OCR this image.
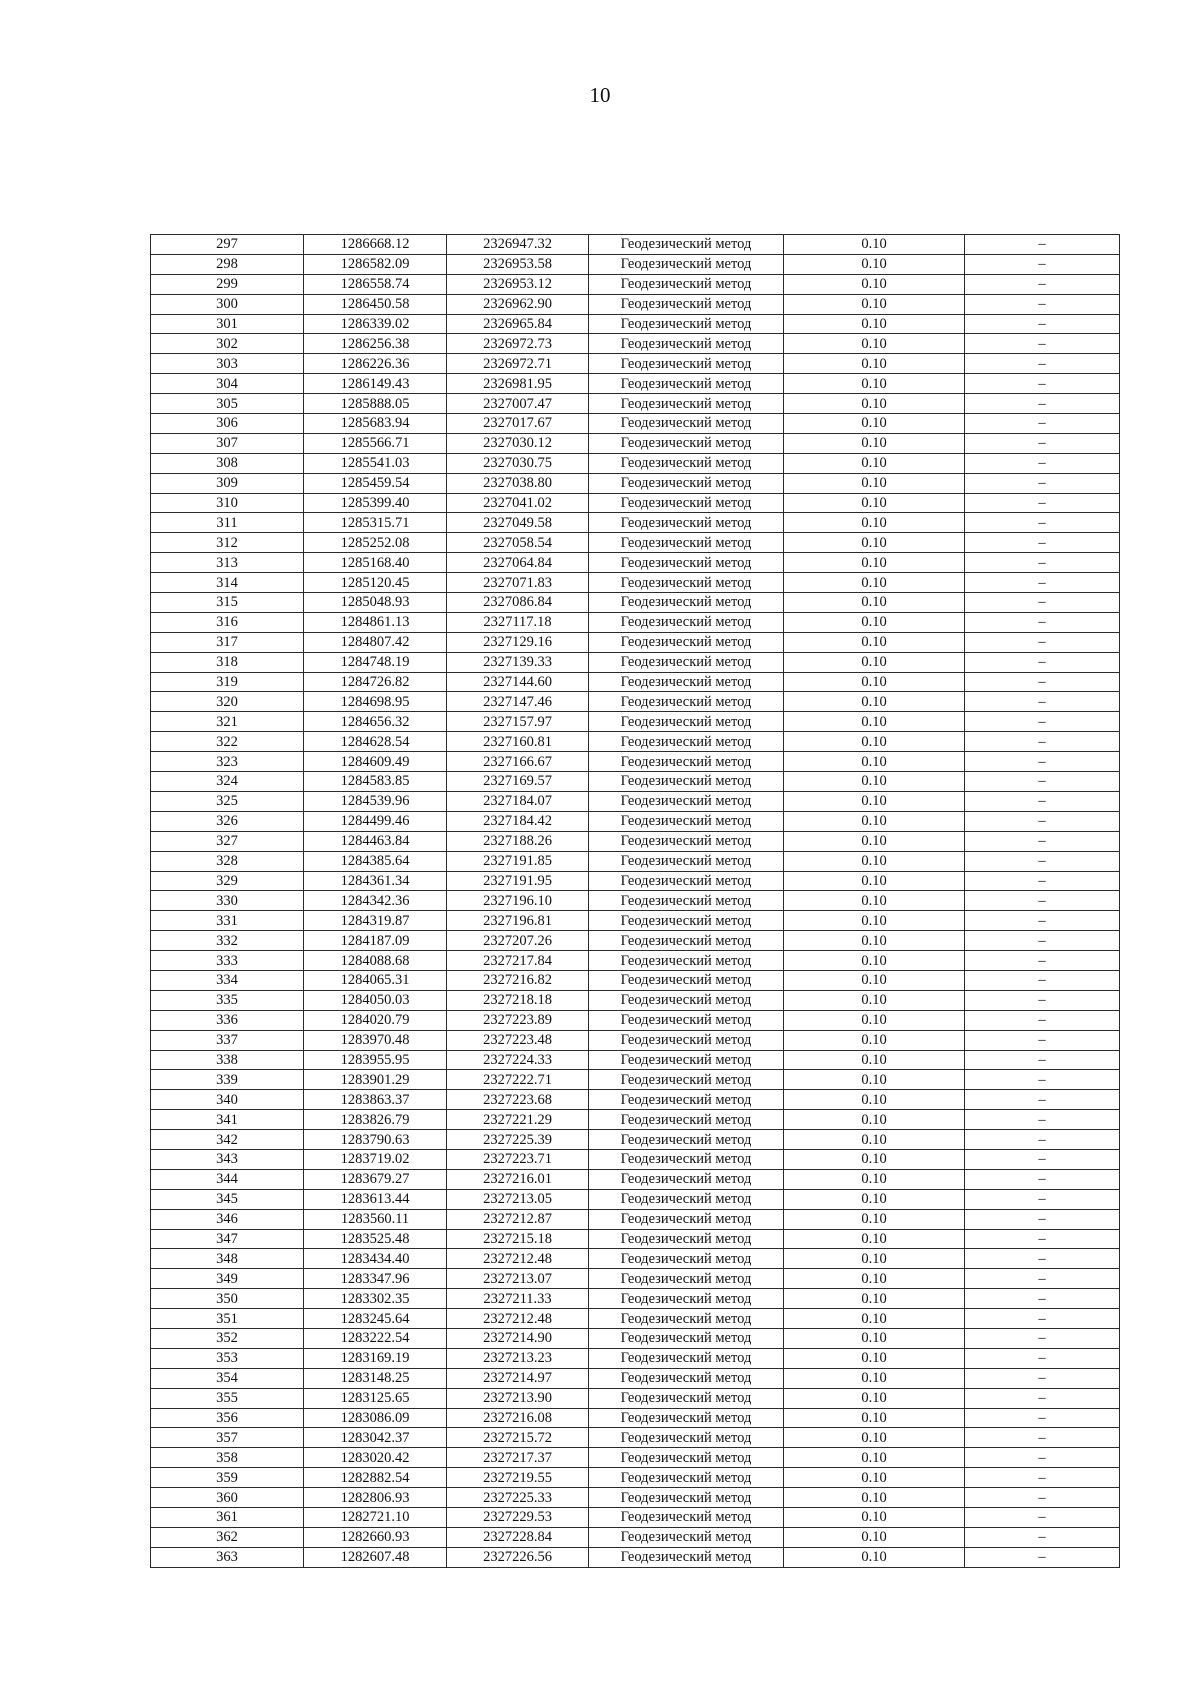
10
297	1286668.12	2326947.32	Геодезический метод	0.10	–
298	1286582.09	2326953.58	Геодезический метод	0.10	–
299	1286558.74	2326953.12	Геодезический метод	0.10	–
300	1286450.58	2326962.90	Геодезический метод	0.10	–
301	1286339.02	2326965.84	Геодезический метод	0.10	–
302	1286256.38	2326972.73	Геодезический метод	0.10	–
303	1286226.36	2326972.71	Геодезический метод	0.10	–
304	1286149.43	2326981.95	Геодезический метод	0.10	–
305	1285888.05	2327007.47	Геодезический метод	0.10	–
306	1285683.94	2327017.67	Геодезический метод	0.10	–
307	1285566.71	2327030.12	Геодезический метод	0.10	–
308	1285541.03	2327030.75	Геодезический метод	0.10	–
309	1285459.54	2327038.80	Геодезический метод	0.10	–
310	1285399.40	2327041.02	Геодезический метод	0.10	–
311	1285315.71	2327049.58	Геодезический метод	0.10	–
312	1285252.08	2327058.54	Геодезический метод	0.10	–
313	1285168.40	2327064.84	Геодезический метод	0.10	–
314	1285120.45	2327071.83	Геодезический метод	0.10	–
315	1285048.93	2327086.84	Геодезический метод	0.10	–
316	1284861.13	2327117.18	Геодезический метод	0.10	–
317	1284807.42	2327129.16	Геодезический метод	0.10	–
318	1284748.19	2327139.33	Геодезический метод	0.10	–
319	1284726.82	2327144.60	Геодезический метод	0.10	–
320	1284698.95	2327147.46	Геодезический метод	0.10	–
321	1284656.32	2327157.97	Геодезический метод	0.10	–
322	1284628.54	2327160.81	Геодезический метод	0.10	–
323	1284609.49	2327166.67	Геодезический метод	0.10	–
324	1284583.85	2327169.57	Геодезический метод	0.10	–
325	1284539.96	2327184.07	Геодезический метод	0.10	–
326	1284499.46	2327184.42	Геодезический метод	0.10	–
327	1284463.84	2327188.26	Геодезический метод	0.10	–
328	1284385.64	2327191.85	Геодезический метод	0.10	–
329	1284361.34	2327191.95	Геодезический метод	0.10	–
330	1284342.36	2327196.10	Геодезический метод	0.10	–
331	1284319.87	2327196.81	Геодезический метод	0.10	–
332	1284187.09	2327207.26	Геодезический метод	0.10	–
333	1284088.68	2327217.84	Геодезический метод	0.10	–
334	1284065.31	2327216.82	Геодезический метод	0.10	–
335	1284050.03	2327218.18	Геодезический метод	0.10	–
336	1284020.79	2327223.89	Геодезический метод	0.10	–
337	1283970.48	2327223.48	Геодезический метод	0.10	–
338	1283955.95	2327224.33	Геодезический метод	0.10	–
339	1283901.29	2327222.71	Геодезический метод	0.10	–
340	1283863.37	2327223.68	Геодезический метод	0.10	–
341	1283826.79	2327221.29	Геодезический метод	0.10	–
342	1283790.63	2327225.39	Геодезический метод	0.10	–
343	1283719.02	2327223.71	Геодезический метод	0.10	–
344	1283679.27	2327216.01	Геодезический метод	0.10	–
345	1283613.44	2327213.05	Геодезический метод	0.10	–
346	1283560.11	2327212.87	Геодезический метод	0.10	–
347	1283525.48	2327215.18	Геодезический метод	0.10	–
348	1283434.40	2327212.48	Геодезический метод	0.10	–
349	1283347.96	2327213.07	Геодезический метод	0.10	–
350	1283302.35	2327211.33	Геодезический метод	0.10	–
351	1283245.64	2327212.48	Геодезический метод	0.10	–
352	1283222.54	2327214.90	Геодезический метод	0.10	–
353	1283169.19	2327213.23	Геодезический метод	0.10	–
354	1283148.25	2327214.97	Геодезический метод	0.10	–
355	1283125.65	2327213.90	Геодезический метод	0.10	–
356	1283086.09	2327216.08	Геодезический метод	0.10	–
357	1283042.37	2327215.72	Геодезический метод	0.10	–
358	1283020.42	2327217.37	Геодезический метод	0.10	–
359	1282882.54	2327219.55	Геодезический метод	0.10	–
360	1282806.93	2327225.33	Геодезический метод	0.10	–
361	1282721.10	2327229.53	Геодезический метод	0.10	–
362	1282660.93	2327228.84	Геодезический метод	0.10	–
363	1282607.48	2327226.56	Геодезический метод	0.10	–
